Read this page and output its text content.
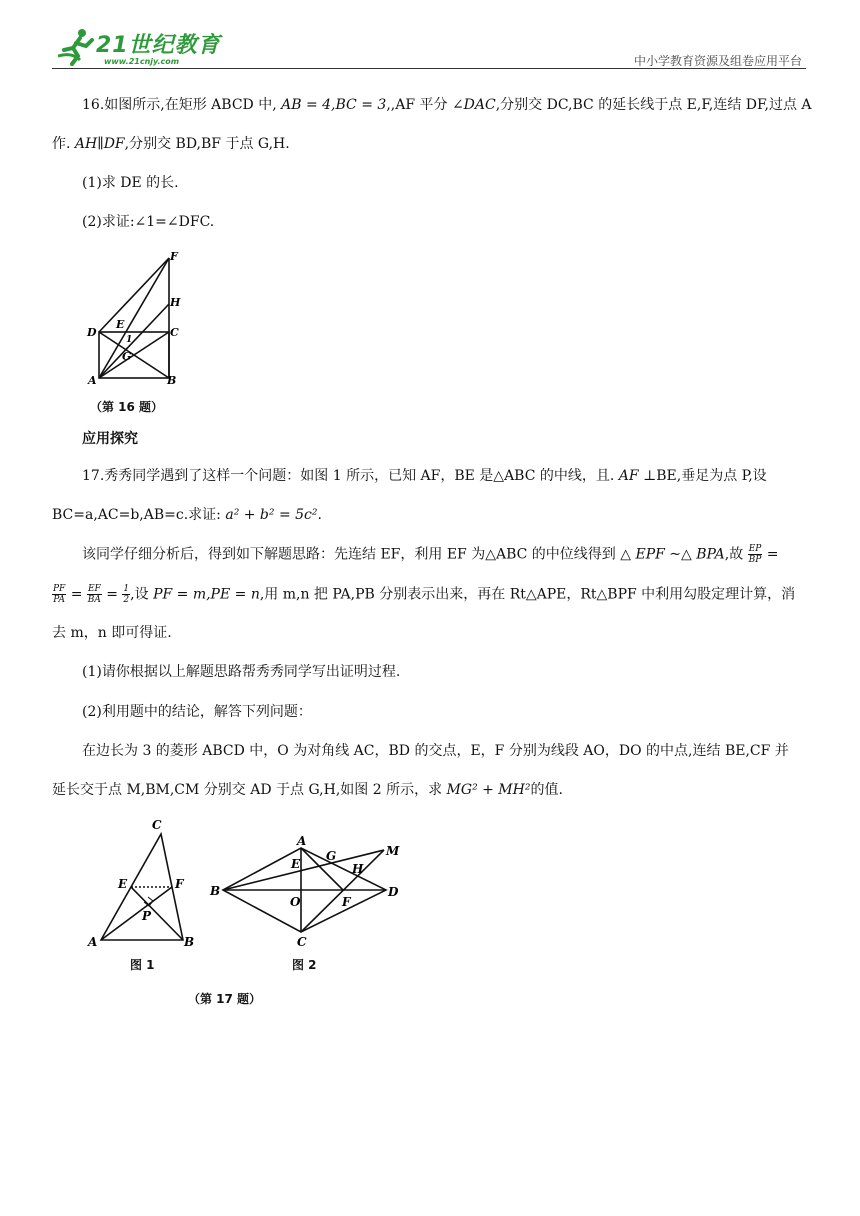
21世纪教育
www.21cnjy.com	中小学教育资源及组卷应用平台
16.如图所示,在矩形 ABCD 中, AB = 4,BC = 3,,AF 平分 ∠DAC,分别交 DC,BC 的延长线于点 E,F,连结 DF,过点 A
作. AH∥DF,分别交 BD,BF 于点 G,H.
(1)求 DE 的长.
(2)求证:∠1=∠DFC.
F
H
D
E
C
1
G
A	B
（第 16 题）
应用探究
17.秀秀同学遇到了这样一个问题：如图 1 所示，已知 AF，BE 是△ABC 的中线，且. AF ⊥BE,垂足为点 P,设
BC=a,AC=b,AB=c.求证: a² + b² = 5c².
该同学仔细分析后，得到如下解题思路：先连结 EF，利用 EF 为△ABC 的中位线得到 △ EPF ~△ BPA,故 $\frac{EP}{BP}$ =
$\frac{PF}{PA} = \frac{EF}{BA} = \frac{1}{2}$ ,设 PF = m,PE = n,用 m,n 把 PA,PB 分别表示出来，再在 Rt△APE，Rt△BPF 中利用勾股定理计算，消
去 m，n 即可得证.
(1)请你根据以上解题思路帮秀秀同学写出证明过程.
(2)利用题中的结论，解答下列问题：
在边长为 3 的菱形 ABCD 中，O 为对角线 AC，BD 的交点，E，F 分别为线段 AO，DO 的中点,连结 BE,CF 并
延长交于点 M,BM,CM 分别交 AD 于点 G,H,如图 2 所示，求 MG² + MH²的值.
C
E	F
P
A	B
图 1
A
M
G
E	H
B
O	F
D
C
图 2
（第 17 题）
